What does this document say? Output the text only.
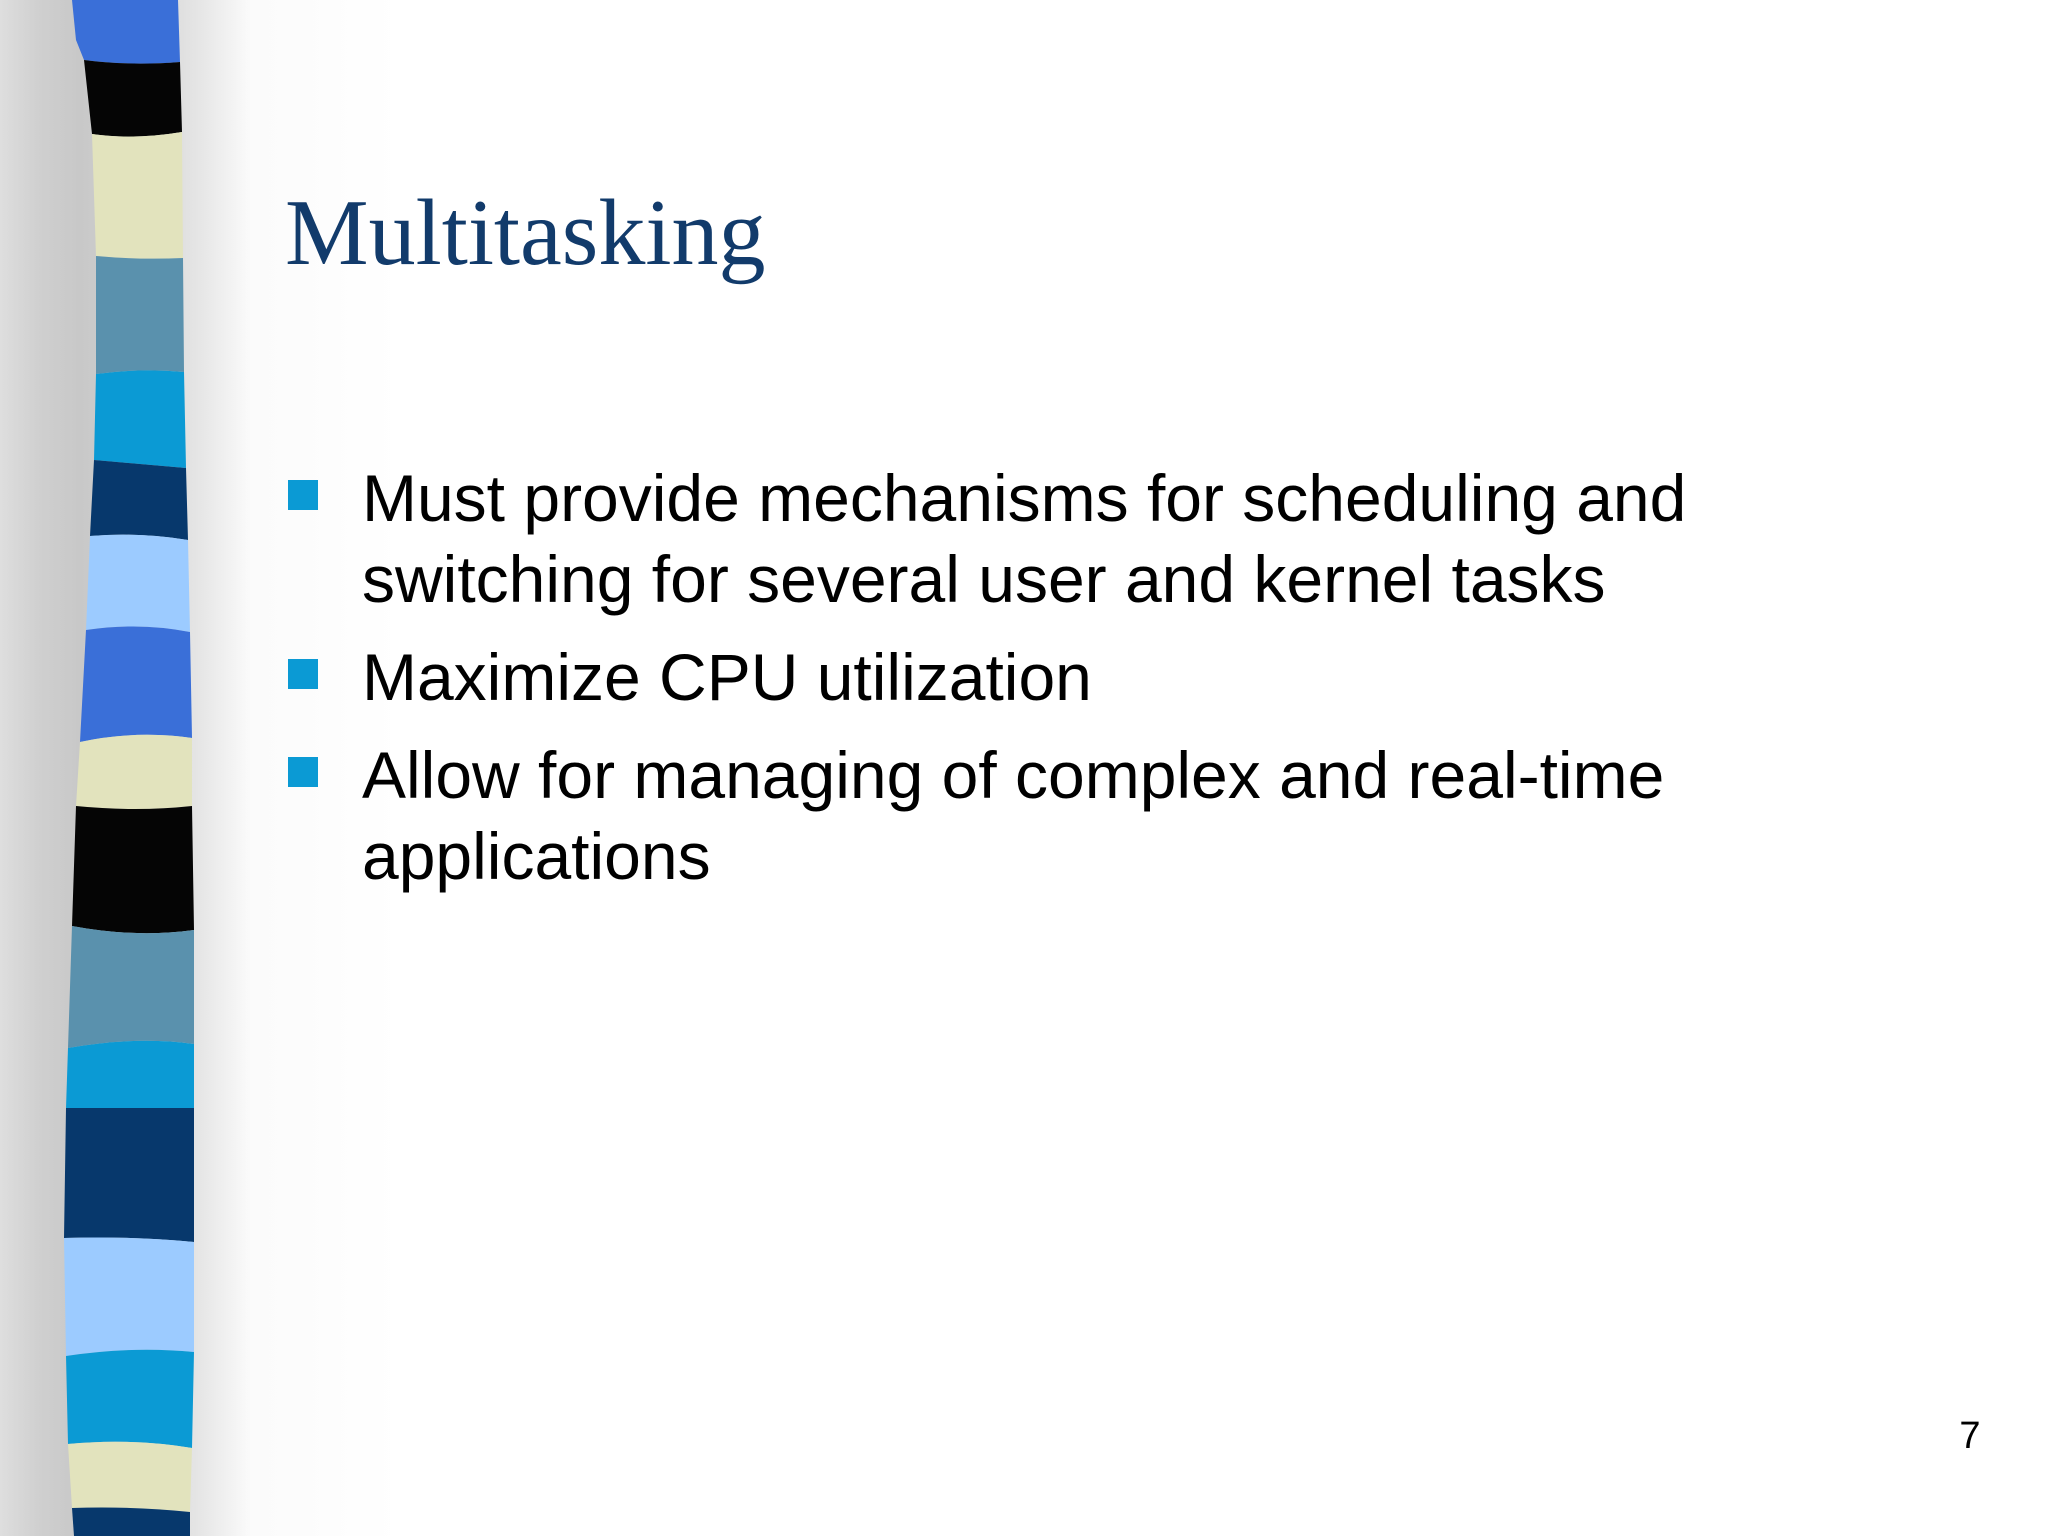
Multitasking
Must provide mechanisms for scheduling and switching for several user and kernel tasks
Maximize CPU utilization
Allow for managing of complex and real-time applications
7
